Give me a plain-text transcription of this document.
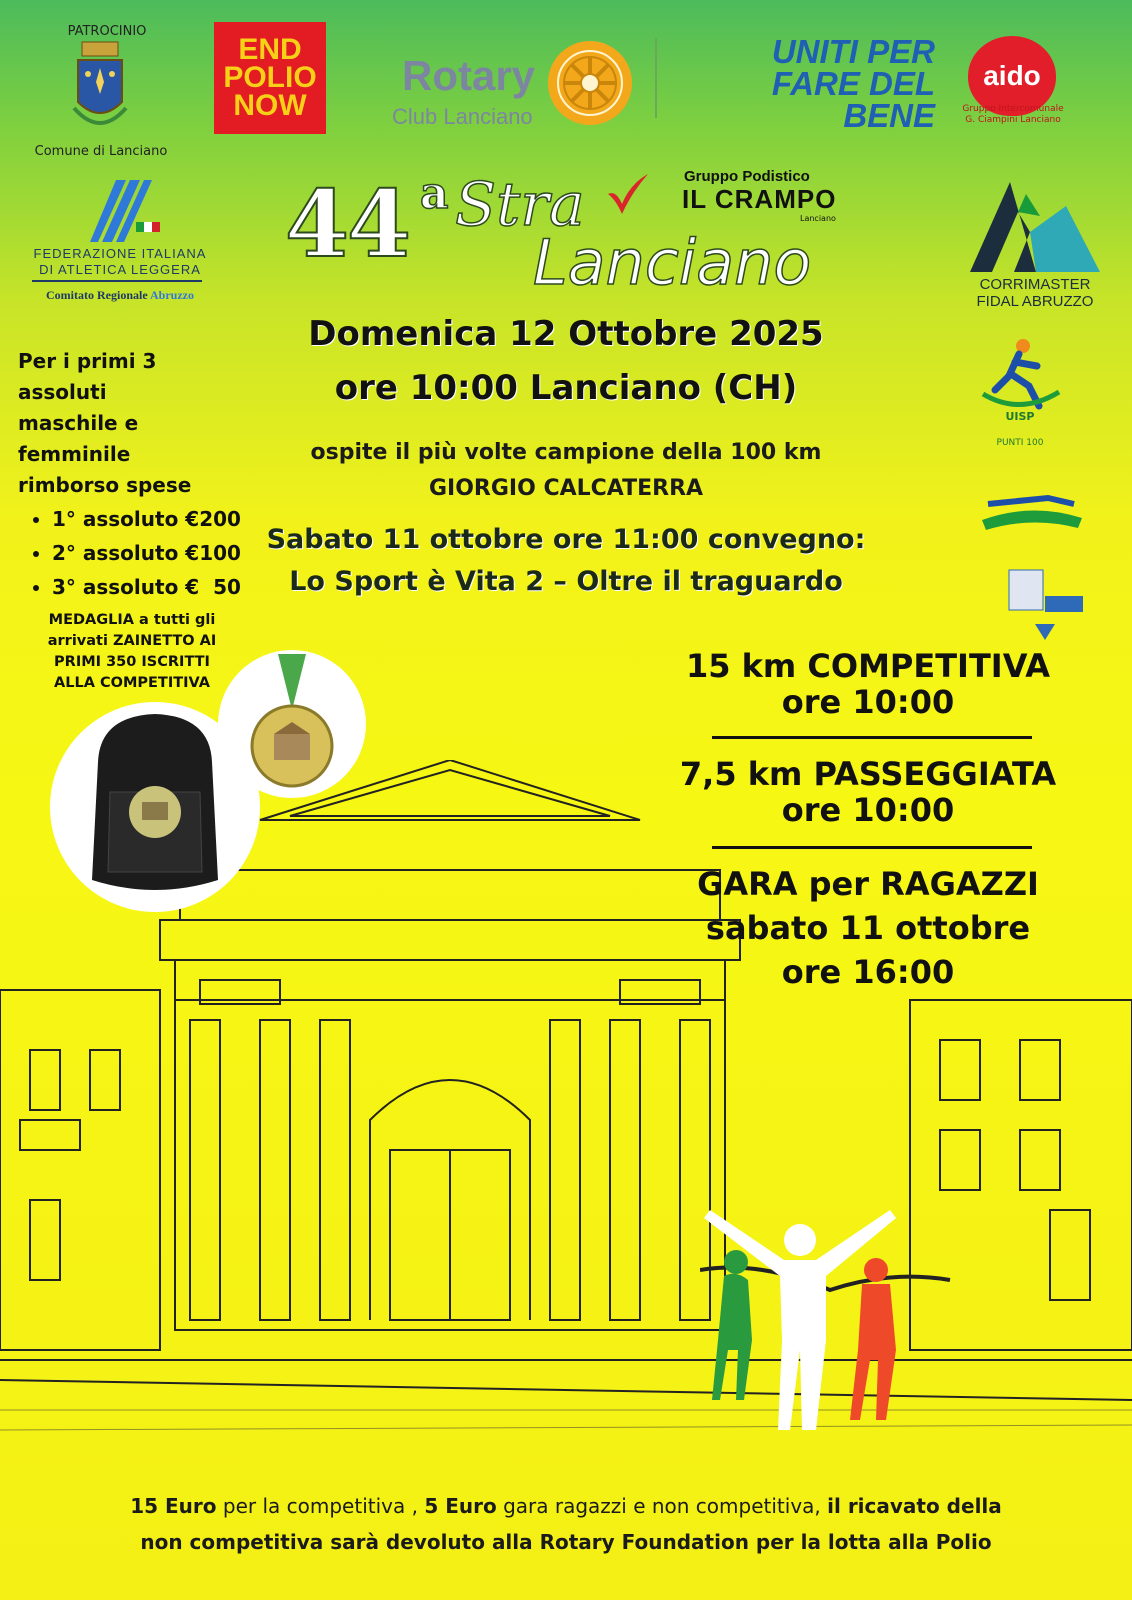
PATROCINIO
Comune di Lanciano
END
POLIO
NOW
Rotary
Club Lanciano
UNITI PER
FARE DEL
BENE
aido
Gruppo Intercomunale G. Ciampini Lanciano
FEDERAZIONE ITALIANA
DI ATLETICA LEGGERA
Comitato Regionale Abruzzo
CORRIMASTER
FIDAL ABRUZZO
UISP
PUNTI 100
44 a Stra
Lanciano
Gruppo Podistico
IL CRAMPO
Lanciano
Domenica 12 Ottobre 2025
ore 10:00 Lanciano (CH)
ospite il più volte campione della 100 km
GIORGIO CALCATERRA
Sabato 11 ottobre ore 11:00 convegno:
Lo Sport è Vita 2 – Oltre il traguardo
Per i primi 3
assoluti
maschile e
femminile
rimborso spese
• 1° assoluto €200
• 2° assoluto €100
• 3° assoluto €  50
MEDAGLIA a tutti gli
arrivati ZAINETTO AI
PRIMI 350 ISCRITTI
ALLA COMPETITIVA	15 km COMPETITIVA
ore 10:00
7,5 km PASSEGGIATA
ore 10:00
GARA per RAGAZZI
sabato 11 ottobre
ore 16:00
15 Euro per la competitiva , 5 Euro gara ragazzi e non competitiva, il ricavato della
non competitiva sarà devoluto alla Rotary Foundation per la lotta alla Polio
